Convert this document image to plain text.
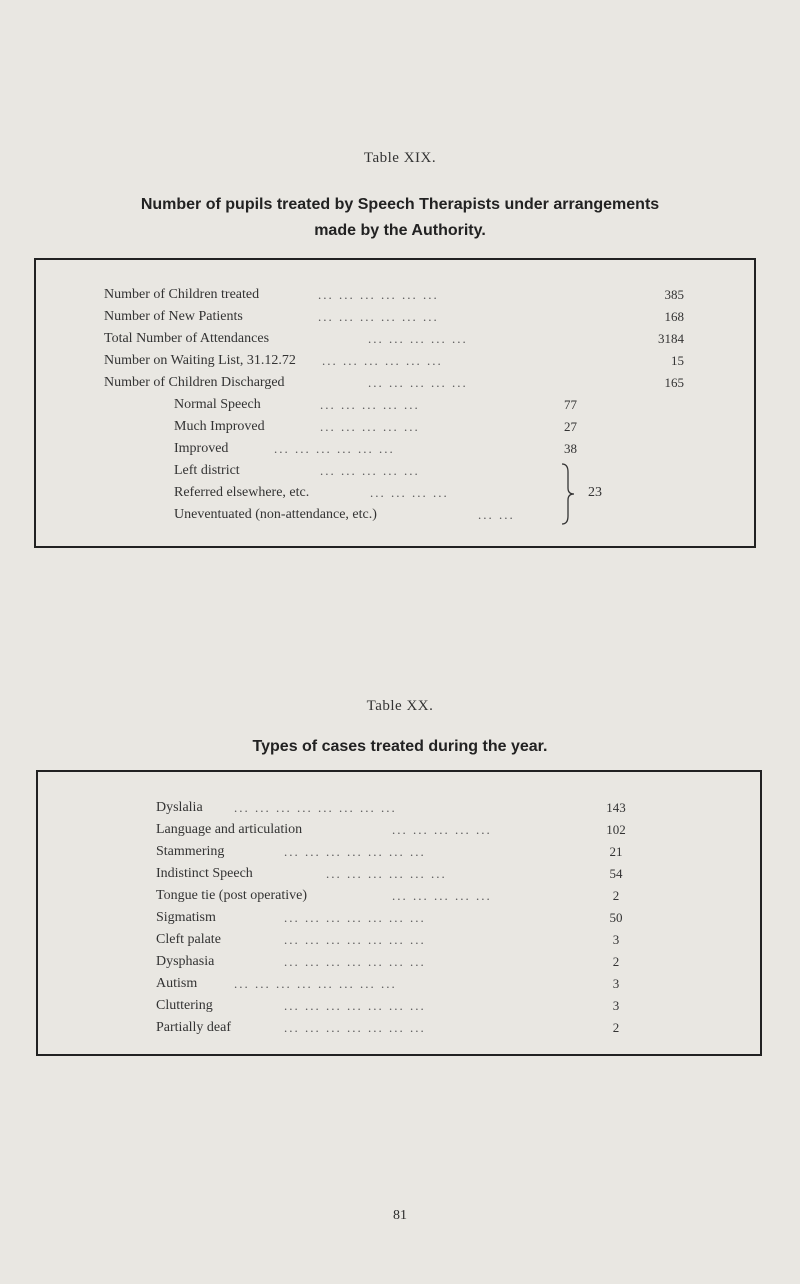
Table XIX.
Number of pupils treated by Speech Therapists under arrangements
made by the Authority.
Number of Children treated	... ... ... ... ... ...	385
Number of New Patients	... ... ... ... ... ...	168
Total Number of Attendances	... ... ... ... ...	3184
Number on Waiting List, 31.12.72 ... ... ... ... ... ...	15
Number of Children Discharged	... ... ... ... ...	165
Normal Speech	... ... ... ... ...	77
Much Improved	... ... ... ... ...	27
Improved	... ... ... ... ... ...	38
Left district	... ... ... ... ...
Referred elsewhere, etc.	... ... ... ...
Uneventuated (non-attendance, etc.)	... ...
23
Table XX.
Types of cases treated during the year.
Dyslalia ... ... ... ... ... ... ... ...	143
Language and articulation	... ... ... ... ...	102
Stammering	... ... ... ... ... ... ...	21
Indistinct Speech	... ... ... ... ... ...	54
Tongue tie (post operative)	... ... ... ... ...	2
Sigmatism	... ... ... ... ... ... ...	50
Cleft palate	... ... ... ... ... ... ...	3
Dysphasia	... ... ... ... ... ... ...	2
Autism	... ... ... ... ... ... ... ...	3
Cluttering	... ... ... ... ... ... ...	3
Partially deaf	... ... ... ... ... ... ...	2
81
